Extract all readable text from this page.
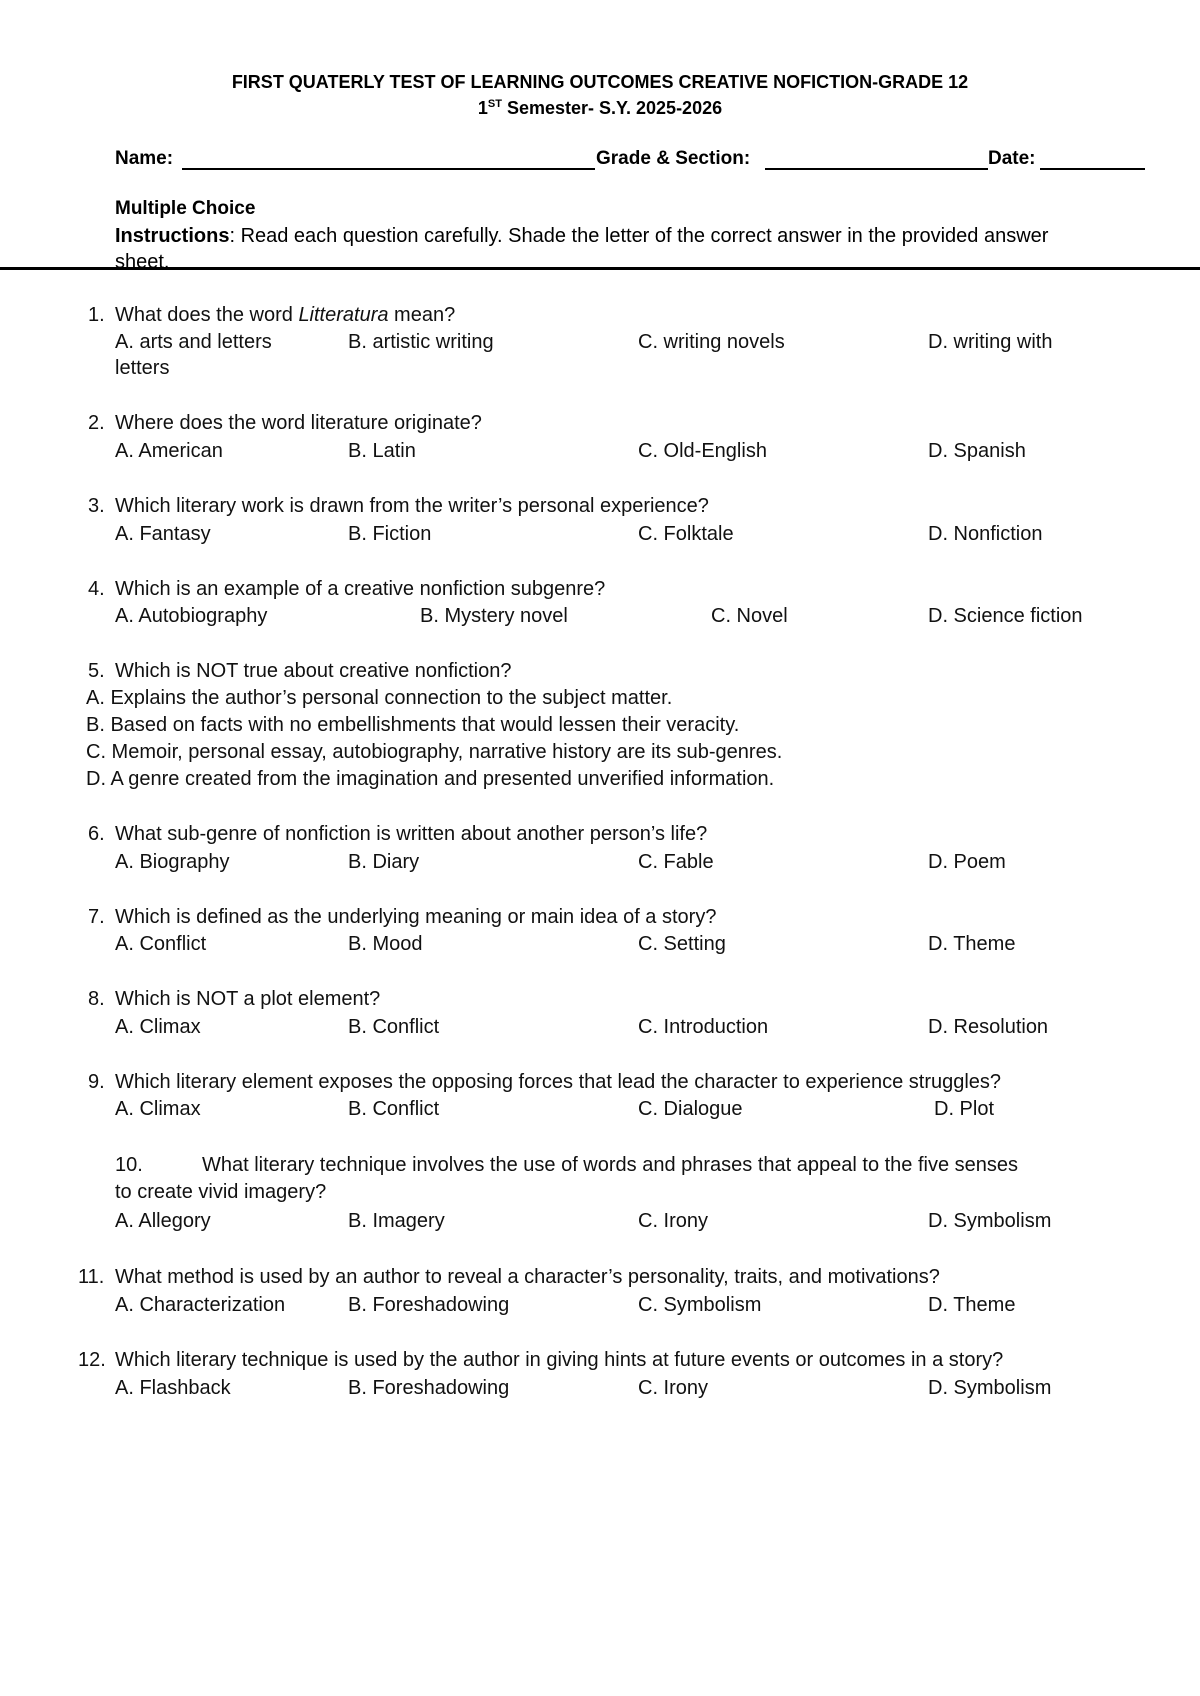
FIRST QUATERLY TEST OF LEARNING OUTCOMES CREATIVE NOFICTION-GRADE 12
1ST Semester- S.Y. 2025-2026
Name:	Grade & Section:	Date:
Multiple Choice
Instructions: Read each question carefully. Shade the letter of the correct answer in the provided answer sheet.
1. What does the word Litteratura mean?
A. arts and letters	B. artistic writing	C. writing novels	D. writing with
letters
2. Where does the word literature originate?
A. American	B. Latin	C. Old-English	D. Spanish
3. Which literary work is drawn from the writer’s personal experience?
A. Fantasy	B. Fiction	C. Folktale	D. Nonfiction
4. Which is an example of a creative nonfiction subgenre?
A. Autobiography	B. Mystery novel	C. Novel	D. Science fiction
5. Which is NOT true about creative nonfiction?
A. Explains the author’s personal connection to the subject matter.
B. Based on facts with no embellishments that would lessen their veracity.
C. Memoir, personal essay, autobiography, narrative history are its sub-genres.
D. A genre created from the imagination and presented unverified information.
6. What sub-genre of nonfiction is written about another person’s life?
A. Biography	B. Diary	C. Fable	D. Poem
7. Which is defined as the underlying meaning or main idea of a story?
A. Conflict	B. Mood	C. Setting	D. Theme
8. Which is NOT a plot element?
A. Climax	B. Conflict	C. Introduction	D. Resolution
9. Which literary element exposes the opposing forces that lead the character to experience struggles?
A. Climax	B. Conflict	C. Dialogue	D. Plot
10.	What literary technique involves the use of words and phrases that appeal to the five senses
to create vivid imagery?
A. Allegory	B. Imagery	C. Irony	D. Symbolism
11. What method is used by an author to reveal a character’s personality, traits, and motivations?
A. Characterization	B. Foreshadowing	C. Symbolism	D. Theme
12. Which literary technique is used by the author in giving hints at future events or outcomes in a story?
A. Flashback	B. Foreshadowing	C. Irony	D. Symbolism
